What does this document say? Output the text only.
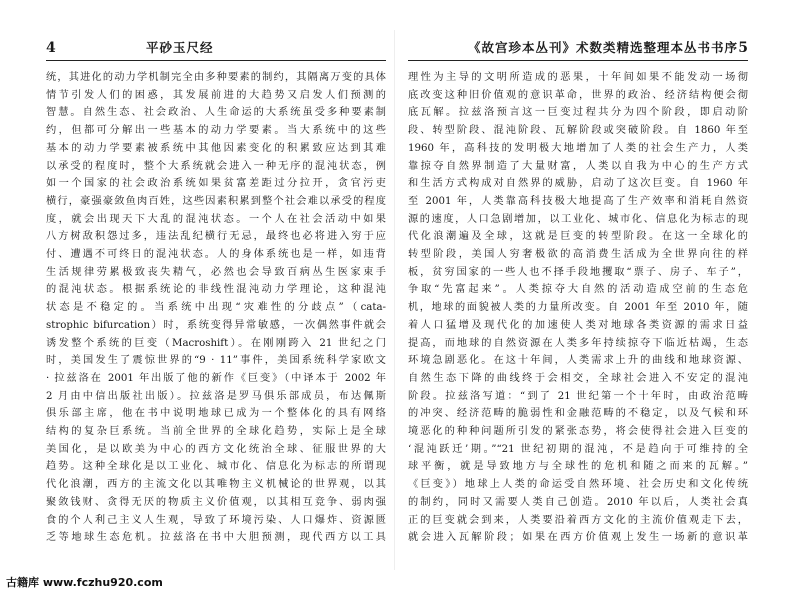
4	平砂玉尺经
统，其进化的动力学机制完全由多种要素的制约，其隔离万变的具体
情节引发人们的困惑，其发展前进的大趋势又启发人们预测的
智慧。自然生态、社会政治、人生命运的大系统虽受多种要素制
约，但都可分解出一些基本的动力学要素。当大系统中的这些
基本的动力学要素被系统中其他因素变化的积累致应达到其难
以承受的程度时，整个大系统就会进入一种无序的混沌状态，例
如一个国家的社会政治系统如果贫富差距过分拉开，贪官污吏
横行，豪强豪敛鱼肉百姓，这些因素积累到整个社会难以承受的程度
度，就会出现天下大乱的混沌状态。一个人在社会活动中如果
八方树敌积怨过多，违法乱纪横行无忌，最终也必将进入穷于应
付、遭遇不可终日的混沌状态。人的身体系统也是一样，如违背
生活规律劳累极致丧失精气，必然也会导致百病丛生医家束手
的混沌状态。根据系统论的非线性混沌动力学理论，这种混沌
状态是不稳定的。当系统中出现“灾难性的分歧点”（cata-
strophic bifurcation）时，系统变得异常敏感，一次偶然事件就会
诱发整个系统的巨变（Macroshift）。在刚刚跨入 21 世纪之门
时，美国发生了震惊世界的“9 · 11”事件，美国系统科学家欧文
· 拉兹洛在 2001 年出版了他的新作《巨变》（中译本于 2002 年
2 月由中信出版社出版）。拉兹洛是罗马俱乐部成员，布达佩斯
俱乐部主席，他在书中说明地球已成为一个整体化的具有网络
结构的复杂巨系统。当前全世界的全球化趋势，实际上是全球
美国化，是以欧美为中心的西方文化统治全球、征服世界的大
趋势。这种全球化是以工业化、城市化、信息化为标志的所谓现
代化浪潮，西方的主流文化以其唯物主义机械论的世界观，以其
聚敛钱财、贪得无厌的物质主义价值观，以其相互竞争、弱肉强
食的个人利己主义人生观，导致了环境污染、人口爆炸、资源匮
乏等地球生态危机。拉兹洛在书中大胆预测，现代西方以工具
《故宫珍本丛刊》术数类精选整理本丛书书序 5
理性为主导的文明所造成的恶果，十年间如果不能发动一场彻
底改变这种旧价值观的意识革命，世界的政治、经济结构便会彻
底瓦解。拉兹洛预言这一巨变过程共分为四个阶段，即启动阶
段、转型阶段、混沌阶段、瓦解阶段或突破阶段。自 1860 年至
1960 年，高科技的发明极大地增加了人类的社会生产力，人类
靠掠夺自然界制造了大量财富，人类以自我为中心的生产方式
和生活方式构成对自然界的威胁，启动了这次巨变。自 1960 年
至 2001 年，人类靠高科技极大地提高了生产效率和消耗自然资
源的速度，人口急剧增加，以工业化、城市化、信息化为标志的现
代化浪潮遍及全球，这就是巨变的转型阶段。在这一全球化的
转型阶段，美国人穷奢极欲的高消费生活成为全世界向往的样
板，贫穷国家的一些人也不择手段地攫取“票子、房子、车子”，
争取“先富起来”。人类掠夺大自然的活动造成空前的生态危
机，地球的面貌被人类的力量所改变。自 2001 年至 2010 年，随
着人口猛增及现代化的加速使人类对地球各类资源的需求日益
提高，而地球的自然资源在人类多年持续掠夺下临近枯竭，生态
环境急剧恶化。在这十年间，人类需求上升的曲线和地球资源、
自然生态下降的曲线终于会相交，全球社会进入不安定的混沌
阶段。拉兹洛写道：“到了 21 世纪第一个十年时，由政治范畴
的冲突、经济范畴的脆弱性和金融范畴的不稳定，以及气候和环
境恶化的种种问题所引发的紧张态势，将会使得社会进入巨变的
‘混沌跃迁’期。”“21 世纪初期的混沌，不是趋向于可维持的全
球平衡，就是导致地方与全球性的危机和随之而来的瓦解。”
《巨变》）地球上人类的命运受自然环境、社会历史和文化传统
的制约，同时又需要人类自己创造。2010 年以后，人类社会真
正的巨变就会到来，人类要沿着西方文化的主流价值观走下去，
就会进入瓦解阶段；如果在西方价值观上发生一场新的意识革
古籍库 www.fczhu920.com
